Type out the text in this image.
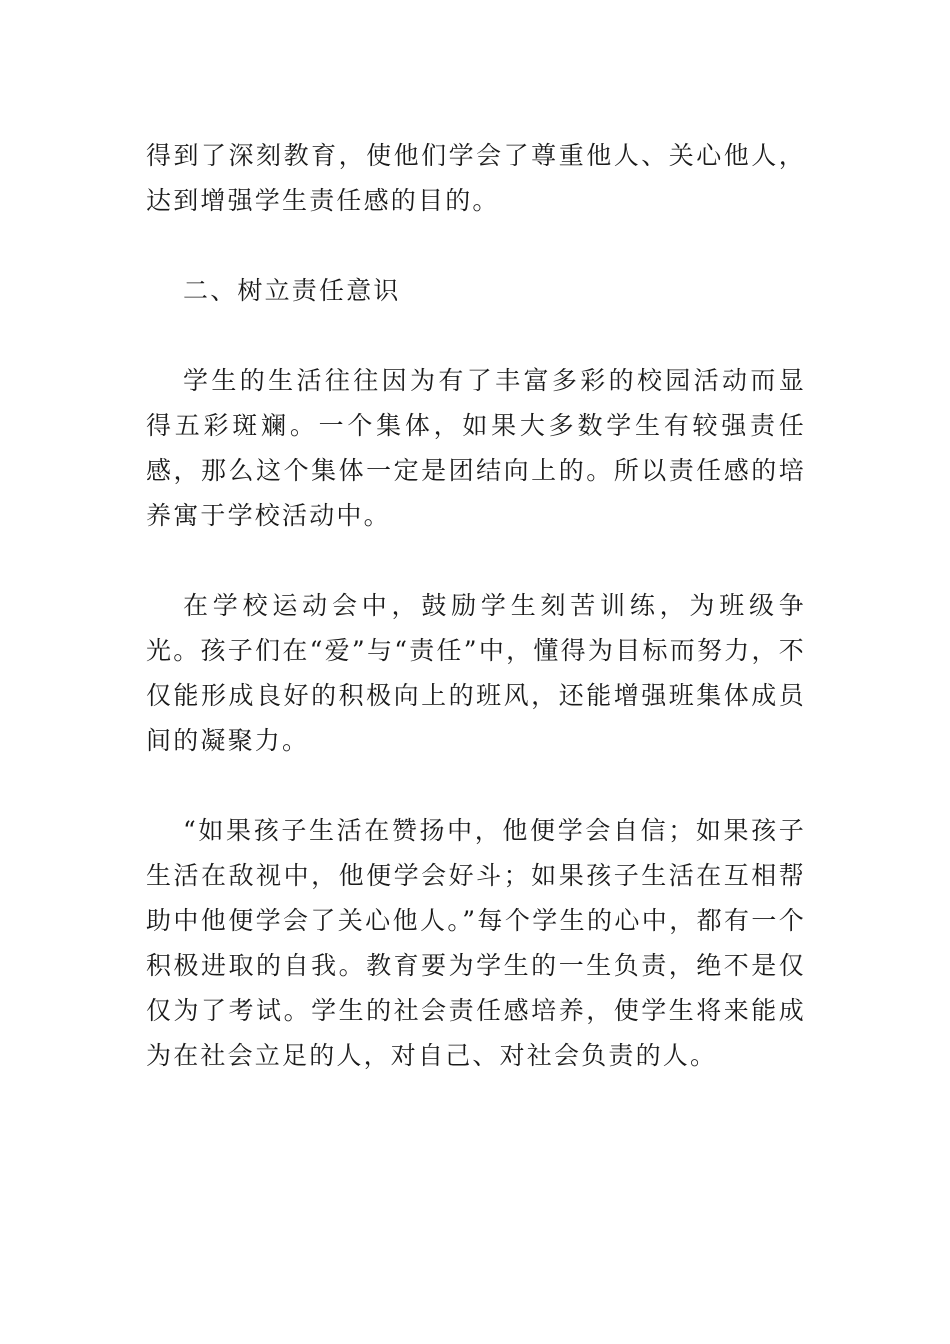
得到了深刻教育，使他们学会了尊重他人、关心他人，达到增强学生责任感的目的。

二、树立责任意识

学生的生活往往因为有了丰富多彩的校园活动而显得五彩斑斓。一个集体，如果大多数学生有较强责任感，那么这个集体一定是团结向上的。所以责任感的培养寓于学校活动中。

在学校运动会中，鼓励学生刻苦训练，为班级争光。孩子们在“爱”与“责任”中，懂得为目标而努力，不仅能形成良好的积极向上的班风，还能增强班集体成员间的凝聚力。

“如果孩子生活在赞扬中，他便学会自信；如果孩子生活在敌视中，他便学会好斗；如果孩子生活在互相帮助中他便学会了关心他人。”每个学生的心中，都有一个积极进取的自我。教育要为学生的一生负责，绝不是仅仅为了考试。学生的社会责任感培养，使学生将来能成为在社会立足的人，对自己、对社会负责的人。
